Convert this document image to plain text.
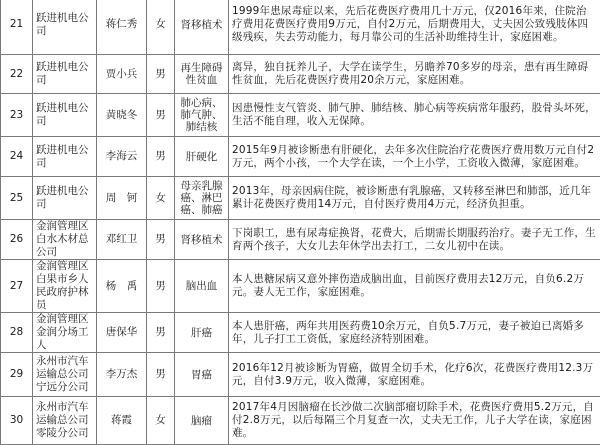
21	跃进机电公司	蒋仁秀	女	肾移植术	1999年患尿毒症以来，先后花费医疗费用几十万元，仅2016年来，住院治疗费用花费医疗费用9万元，自付2万元，后期费用大，丈夫因公致残肢体四级残疾，失去劳动能力，每月靠公司的生活补助维持生计，家庭困难。
22	跃进机电公司	贾小兵	男	再生障碍性贫血	离异，独自抚养儿子，大学在读学生，另瞻养70多岁的母亲，患有再生障碍性贫血，先后花费医疗费用20余万元，家庭困难。
23	跃进机电公司	黄晓冬	男	肺心病、肺气肿、肺结核	因患慢性支气管炎、肺气肿、肺结核、肺心病等疾病常年服药，股骨头坏死，生活不能自理，收入无保障。
24	跃进机电公司	李海云	男	肝硬化	2015年9月被诊断患有肝硬化，去年多次住院治疗花费医疗费用数万元自付2万元，两个小孩，一个大学在读，一个上小学，工资收入微薄，家庭困难。
25	跃进机电公司	周　钶	女	母亲乳腺癌、淋巴癌、肺癌	2013年，母亲因病住院，被诊断患有乳腺癌，又转移至淋巴和肺部，近几年累计花费医疗费用14万元，自付医疗费用4万元，经济负担重。
26	金润管理区白水木材总公司	邓红卫	男	肾移植术	下岗职工，患有尿毒症换肾，花费大，后期需长期服药治疗。妻子无工作，生育两个孩子，大女儿去年休学出去打工，二女儿初中在读。
27	金润管理区白果市乡人民政府护林员	杨　禹	男	脑出血	本人患糖尿病又意外摔伤造成脑出血，目前医疗费用去12万元，自负6.2万元。妻人无工作，家庭困难。
28	金润管理区金润分场工人	唐保华	男	肝癌	本人患肝癌，两年共用医药费10余万元，自负5.7万元，妻子被迫已离婚多年，儿子打工工资低，家庭经济特别困难。
29	永州市汽车运输总公司宁远分公司	李万杰	男	胃癌	2016年12月被诊断为胃癌，做胃全切手术，化疗6次，花费医疗费用12.3万元，自付3.9万元，收入微薄，家庭困难。
30	永州市汽车运输总公司零陵分公司	蒋霞	女	脑瘤	2017年4月因脑瘤在长沙做二次脑部瘤切除手术，花费医疗费用5.2万元，自付2.8万元，以后每隔三个月复查一次，丈夫无工作，儿子大学在读，家庭困难。
